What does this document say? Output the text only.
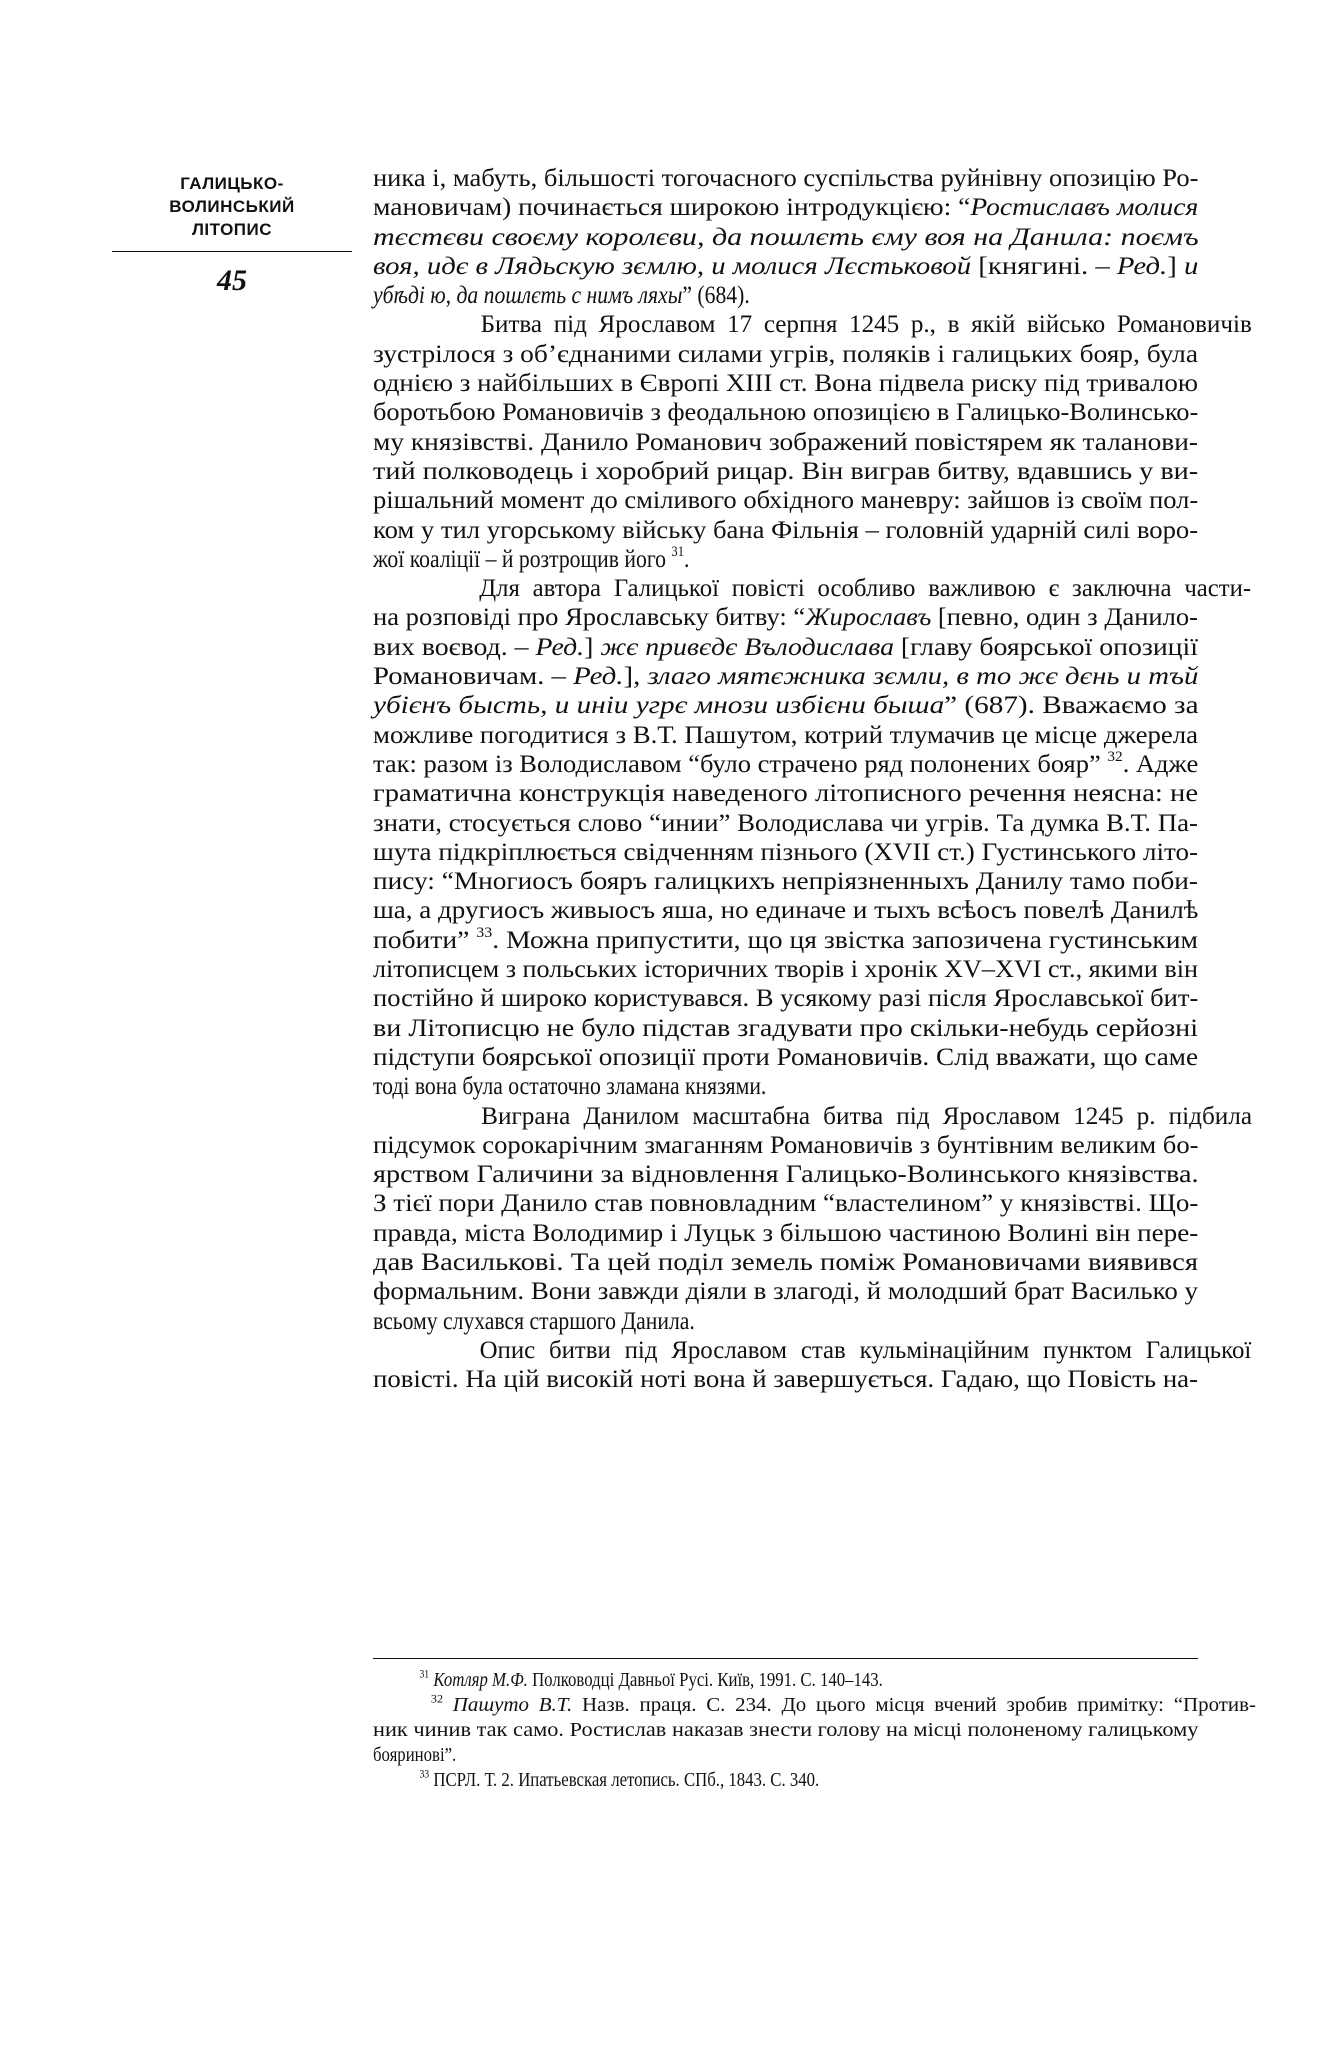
ГАЛИЦЬКО-
ВОЛИНСЬКИЙ
ЛІТОПИС
45

ника і, мабуть, більшості тогочасного суспільства руйнівну опозицію Ро-
мановичам) починається широкою інтродукцією: “Ростиславъ молися
тєстєви своєму королєви, да пошлєть єму воя на Данила: поємъ
воя, идє в Лядьскую зємлю, и молися Лєстьковой [княгині. – Ред.] и
убѣді ю, да пошлєть с нимъ ляхы” (684).

Битва під Ярославом 17 серпня 1245 р., в якій військо Романовичів
зустрілося з об’єднаними силами угрів, поляків і галицьких бояр, була
однією з найбільших в Європі XIII ст. Вона підвела риску під тривалою
боротьбою Романовичів з феодальною опозицією в Галицько-Волинсько-
му князівстві. Данило Романович зображений повістярем як таланови-
тий полководець і хоробрий рицар. Він виграв битву, вдавшись у ви-
рішальний момент до сміливого обхідного маневру: зайшов із своїм пол-
ком у тил угорському війську бана Фільнія – головній ударній силі воро-
жої коаліції – й розтрощив його $^{31}$.

Для автора Галицької повісті особливо важливою є заключна части-
на розповіді про Ярославську битву: “Жирославъ [певно, один з Данило-
вих воєвод. – Ред.] жє привєдє Вълодислава [главу боярської опозиції
Романовичам. – Ред.], злаго мятєжника зємли, в то жє дєнь и тъй
убієнъ бысть, и иніи угрє мнози избієни быша” (687). Вважаємо за
можливе погодитися з В.Т. Пашутом, котрий тлумачив це місце джерела
так: разом із Володиславом “було страчено ряд полонених бояр” $^{32}$. Адже
граматична конструкція наведеного літописного речення неясна: не
знати, стосується слово “инии” Володислава чи угрів. Та думка В.Т. Па-
шута підкріплюється свідченням пізнього (XVII ст.) Густинського літо-
пису: “Многиосъ бояръ галицкихъ непріязненныхъ Данилу тамо поби-
ша, а другиосъ живыосъ яша, но единаче и тыхъ всѣосъ повелѣ Данилѣ
побити” $^{33}$. Можна припустити, що ця звістка запозичена густинським
літописцем з польських історичних творів і хронік XV–XVI ст., якими він
постійно й широко користувався. В усякому разі після Ярославської бит-
ви Літописцю не було підстав згадувати про скільки-небудь серйозні
підступи боярської опозиції проти Романовичів. Слід вважати, що саме
тоді вона була остаточно зламана князями.

Виграна Данилом масштабна битва під Ярославом 1245 р. підбила
підсумок сорокарічним змаганням Романовичів з бунтівним великим бо-
ярством Галичини за відновлення Галицько-Волинського князівства.
З тієї пори Данило став повновладним “властелином” у князівстві. Що-
правда, міста Володимир і Луцьк з більшою частиною Волині він пере-
дав Васильковi. Та цей поділ земель поміж Романовичами виявився
формальним. Вони завжди діяли в злагоді, й молодший брат Василько у
всьому слухався старшого Данила.

Опис битви під Ярославом став кульмінаційним пунктом Галицької
повісті. На цій високій ноті вона й завершується. Гадаю, що Повість на-

$^{31}$ Котляр М.Ф. Полководці Давньої Русі. Київ, 1991. С. 140–143.
$^{32}$ Пашуто В.Т. Назв. праця. С. 234. До цього місця вчений зробив примітку: “Против-
ник чинив так само. Ростислав наказав знести голову на місці полоненому галицькому
бояринові”.
$^{33}$ ПСРЛ. Т. 2. Ипатьевская летопись. СПб., 1843. С. 340.
